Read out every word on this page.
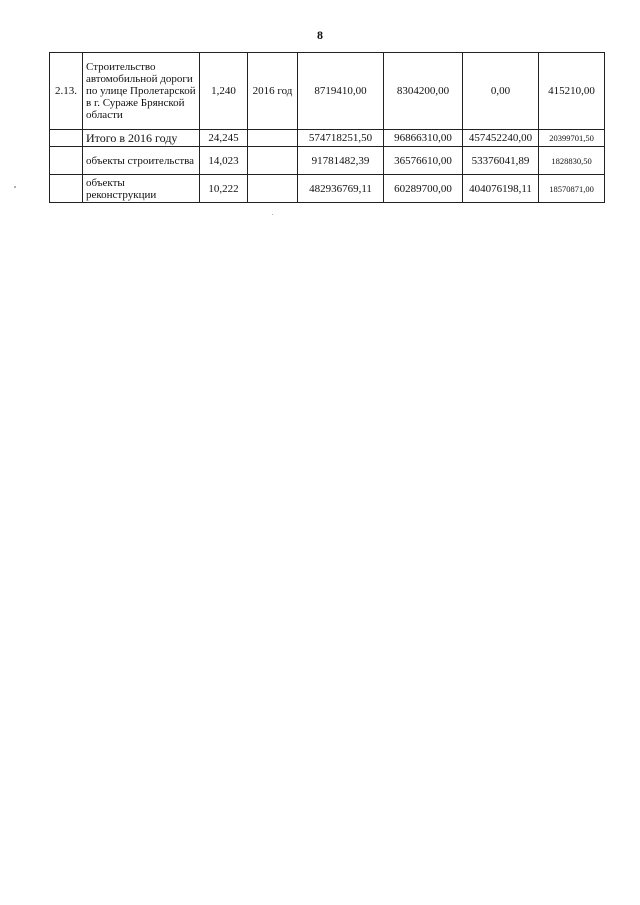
8
2.13.	Строительство автомобильной дороги по улице Пролетарской в г. Сураже Брянской области	1,240	2016 год	8719410,00	8304200,00	0,00	415210,00
	Итого в 2016 году	24,245		574718251,50	96866310,00	457452240,00	20399701,50
	объекты строительства	14,023		91781482,39	36576610,00	53376041,89	1828830,50
	объекты реконструкции	10,222		482936769,11	60289700,00	404076198,11	18570871,00
